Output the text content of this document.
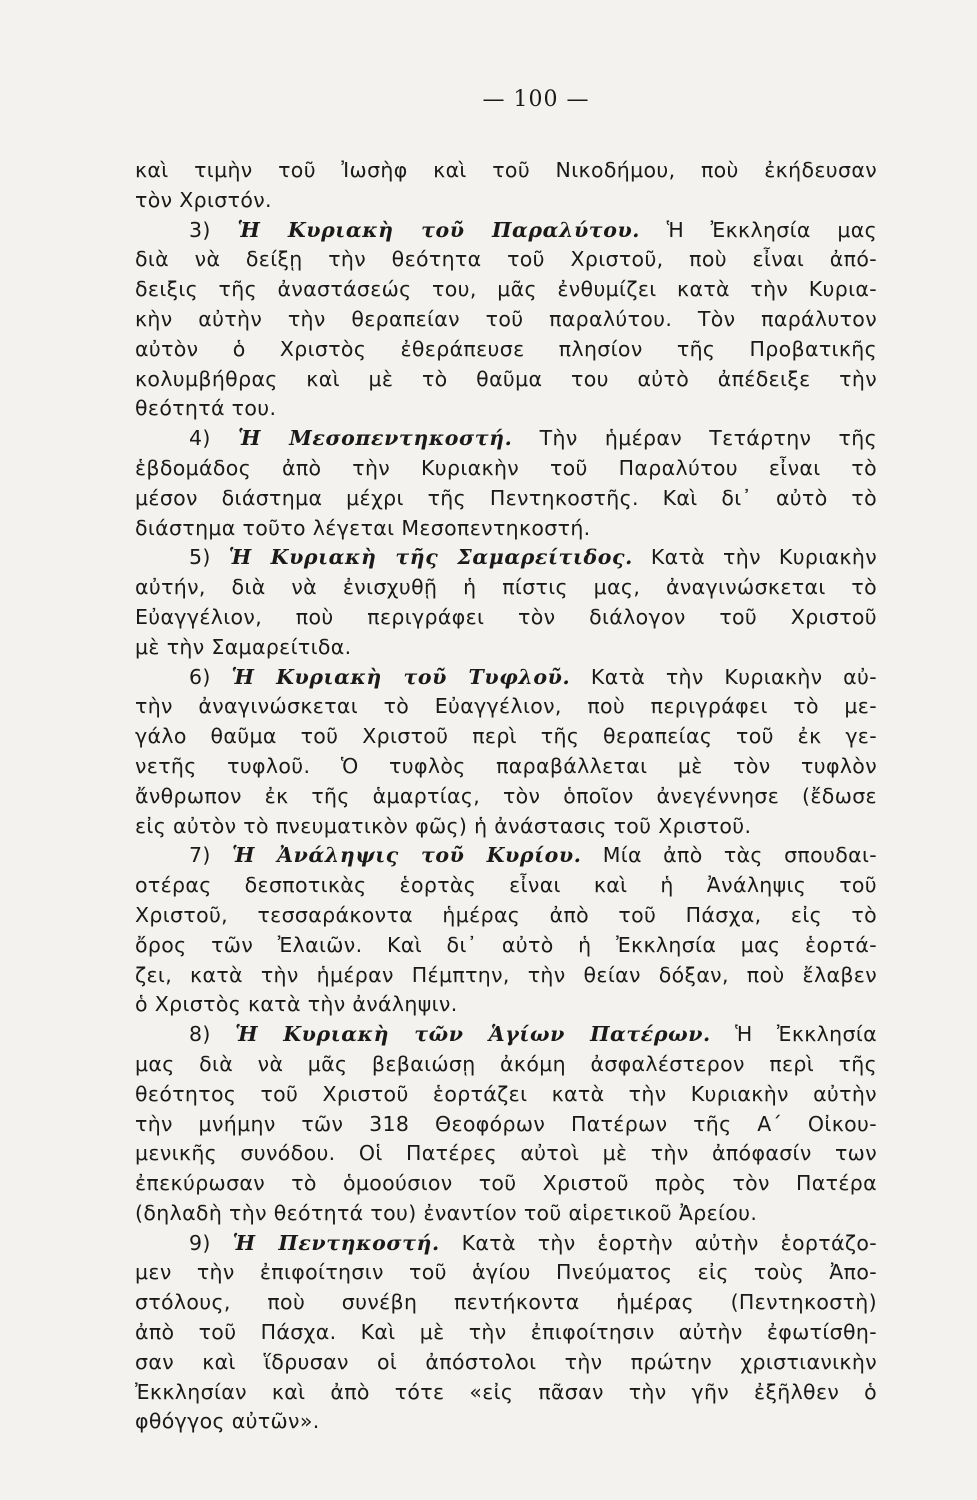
— 100 —
καὶ τιμὴν τοῦ Ἰωσὴφ καὶ τοῦ Νικοδήμου, ποὺ ἐκήδευσαν
τὸν Χριστόν.
3) Ἡ Κυριακὴ τοῦ Παραλύτου. Ἡ Ἐκκλησία μας
διὰ νὰ δείξῃ τὴν θεότητα τοῦ Χριστοῦ, ποὺ εἶναι ἀπό-
δειξις τῆς ἀναστάσεώς του, μᾶς ἐνθυμίζει κατὰ τὴν Κυρια-
κὴν αὐτὴν τὴν θεραπείαν τοῦ παραλύτου. Τὸν παράλυτον
αὐτὸν ὁ Χριστὸς ἐθεράπευσε πλησίον τῆς Προβατικῆς
κολυμβήθρας καὶ μὲ τὸ θαῦμα του αὐτὸ ἀπέδειξε τὴν
θεότητά του.
4) Ἡ Μεσοπεντηκοστή. Τὴν ἡμέραν Τετάρτην τῆς
ἑβδομάδος ἀπὸ τὴν Κυριακὴν τοῦ Παραλύτου εἶναι τὸ
μέσον διάστημα μέχρι τῆς Πεντηκοστῆς. Καὶ δι᾽ αὐτὸ τὸ
διάστημα τοῦτο λέγεται Μεσοπεντηκοστή.
5) Ἡ Κυριακὴ τῆς Σαμαρείτιδος. Κατὰ τὴν Κυριακὴν
αὐτήν, διὰ νὰ ἐνισχυθῇ ἡ πίστις μας, ἀναγινώσκεται τὸ
Εὐαγγέλιον, ποὺ περιγράφει τὸν διάλογον τοῦ Χριστοῦ
μὲ τὴν Σαμαρείτιδα.
6) Ἡ Κυριακὴ τοῦ Τυφλοῦ. Κατὰ τὴν Κυριακὴν αὐ-
τὴν ἀναγινώσκεται τὸ Εὐαγγέλιον, ποὺ περιγράφει τὸ με-
γάλο θαῦμα τοῦ Χριστοῦ περὶ τῆς θεραπείας τοῦ ἐκ γε-
νετῆς τυφλοῦ. Ὁ τυφλὸς παραβάλλεται μὲ τὸν τυφλὸν
ἄνθρωπον ἐκ τῆς ἁμαρτίας, τὸν ὁποῖον ἀνεγέννησε (ἔδωσε
εἰς αὐτὸν τὸ πνευματικὸν φῶς) ἡ ἀνάστασις τοῦ Χριστοῦ.
7) Ἡ Ἀνάληψις τοῦ Κυρίου. Μία ἀπὸ τὰς σπουδαι-
οτέρας δεσποτικὰς ἑορτὰς εἶναι καὶ ἡ Ἀνάληψις τοῦ
Χριστοῦ, τεσσαράκοντα ἡμέρας ἀπὸ τοῦ Πάσχα, εἰς τὸ
ὄρος τῶν Ἐλαιῶν. Καὶ δι᾽ αὐτὸ ἡ Ἐκκλησία μας ἑορτά-
ζει, κατὰ τὴν ἡμέραν Πέμπτην, τὴν θείαν δόξαν, ποὺ ἔλαβεν
ὁ Χριστὸς κατὰ τὴν ἀνάληψιν.
8) Ἡ Κυριακὴ τῶν Ἁγίων Πατέρων. Ἡ Ἐκκλησία
μας διὰ νὰ μᾶς βεβαιώσῃ ἀκόμη ἀσφαλέστερον περὶ τῆς
θεότητος τοῦ Χριστοῦ ἑορτάζει κατὰ τὴν Κυριακὴν αὐτὴν
τὴν μνήμην τῶν 318 Θεοφόρων Πατέρων τῆς Α΄ Οἰκου-
μενικῆς συνόδου. Οἱ Πατέρες αὐτοὶ μὲ τὴν ἀπόφασίν των
ἐπεκύρωσαν τὸ ὁμοούσιον τοῦ Χριστοῦ πρὸς τὸν Πατέρα
(δηλαδὴ τὴν θεότητά του) ἐναντίον τοῦ αἱρετικοῦ Ἀρείου.
9) Ἡ Πεντηκοστή. Κατὰ τὴν ἑορτὴν αὐτὴν ἑορτάζο-
μεν τὴν ἐπιφοίτησιν τοῦ ἁγίου Πνεύματος εἰς τοὺς Ἀπο-
στόλους, ποὺ συνέβη πεντήκοντα ἡμέρας (Πεντηκοστὴ)
ἀπὸ τοῦ Πάσχα. Καὶ μὲ τὴν ἐπιφοίτησιν αὐτὴν ἐφωτίσθη-
σαν καὶ ἵδρυσαν οἱ ἀπόστολοι τὴν πρώτην χριστιανικὴν
Ἐκκλησίαν καὶ ἀπὸ τότε «εἰς πᾶσαν τὴν γῆν ἐξῆλθεν ὁ
φθόγγος αὐτῶν».
